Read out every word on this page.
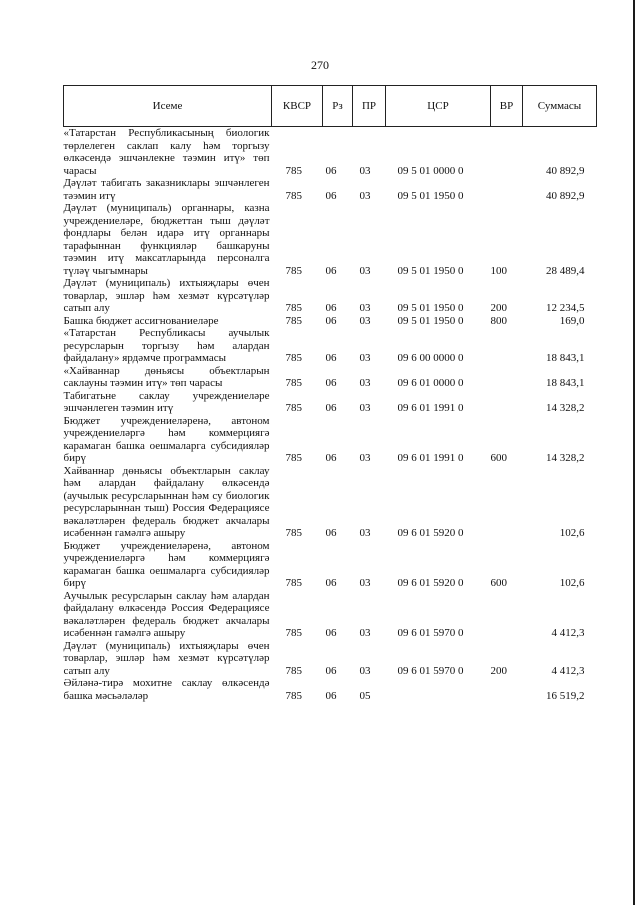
270
Исеме	КВСР	Рз	ПР	ЦСР	ВР	Суммасы
«Татарстан Республикасының биологик төрлелеген саклап калу һәм торгызу өлкәсендә эшчәнлекне тәэмин итү» төп чарасы	785	06	03	09 5 01 0000 0		40 892,9
Дәүләт табигать заказниклары эшчәнлеген тәэмин итү	785	06	03	09 5 01 1950 0		40 892,9
Дәүләт (муниципаль) органнары, казна учреждениеләре, бюджеттан тыш дәүләт фондлары белән идарә итү органнары тарафыннан функцияләр башкаруны тәэмин итү максатларында персоналга түләү чыгымнары	785	06	03	09 5 01 1950 0	100	28 489,4
Дәүләт (муниципаль) ихтыяҗлары өчен товарлар, эшләр һәм хезмәт күрсәтүләр сатып алу	785	06	03	09 5 01 1950 0	200	12 234,5
Башка бюджет ассигнованиеләре	785	06	03	09 5 01 1950 0	800	169,0
«Татарстан Республикасы аучылык ресурсларын торгызу һәм алардан файдалану» ярдәмче программасы	785	06	03	09 6 00 0000 0		18 843,1
«Хайваннар дөньясы объектларын саклауны тәэмин итү» төп чарасы	785	06	03	09 6 01 0000 0		18 843,1
Табигатьне саклау учреждениеләре эшчәнлеген тәэмин итү	785	06	03	09 6 01 1991 0		14 328,2
Бюджет учреждениеләренә, автоном учреждениеләргә һәм коммерциягә карамаган башка оешмаларга субсидияләр бирү	785	06	03	09 6 01 1991 0	600	14 328,2
Хайваннар дөньясы объектларын саклау һәм алардан файдалану өлкәсендә (аучылык ресурсларыннан һәм су биологик ресурсларыннан тыш) Россия Федерациясе вәкаләтләрен федераль бюджет акчалары исәбеннән гамәлгә ашыру	785	06	03	09 6 01 5920 0		102,6
Бюджет учреждениеләренә, автоном учреждениеләргә һәм коммерциягә карамаган башка оешмаларга субсидияләр бирү	785	06	03	09 6 01 5920 0	600	102,6
Аучылык ресурсларын саклау һәм алардан файдалану өлкәсендә Россия Федерациясе вәкаләтләрен федераль бюджет акчалары исәбеннән гамәлгә ашыру	785	06	03	09 6 01 5970 0		4 412,3
Дәүләт (муниципаль) ихтыяҗлары өчен товарлар, эшләр һәм хезмәт күрсәтүләр сатып алу	785	06	03	09 6 01 5970 0	200	4 412,3
Әйләнә-тирә мохитне саклау өлкәсендә башка мәсьәләләр	785	06	05			16 519,2
